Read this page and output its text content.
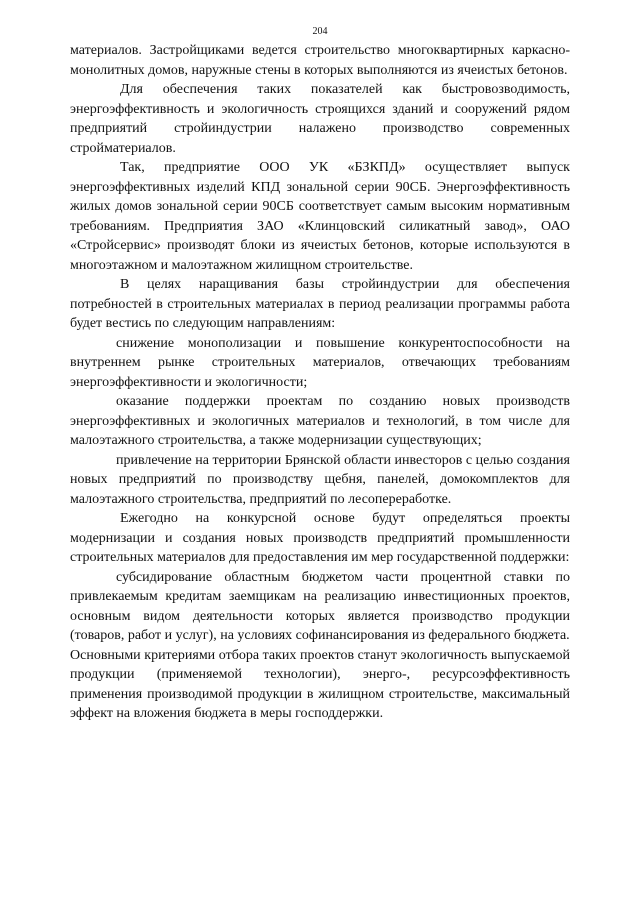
204

материалов. Застройщиками ведется строительство многоквартирных каркасно-монолитных домов, наружные стены в которых выполняются из ячеистых бетонов.

Для обеспечения таких показателей как быстровозводимость, энергоэффективность и экологичность строящихся зданий и сооружений рядом предприятий стройиндустрии налажено производство современных стройматериалов.

Так, предприятие ООО УК «БЗКПД» осуществляет выпуск энергоэффективных изделий КПД зональной серии 90СБ. Энергоэффективность жилых домов зональной серии 90СБ соответствует самым высоким нормативным требованиям. Предприятия ЗАО «Клинцовский силикатный завод», ОАО «Стройсервис» производят блоки из ячеистых бетонов, которые используются в многоэтажном и малоэтажном жилищном строительстве.

В целях наращивания базы стройиндустрии для обеспечения потребностей в строительных материалах в период реализации программы работа будет вестись по следующим направлениям:

снижение монополизации и повышение конкурентоспособности на внутреннем рынке строительных материалов, отвечающих требованиям энергоэффективности и экологичности;

оказание поддержки проектам по созданию новых производств энергоэффективных и экологичных материалов и технологий, в том числе для малоэтажного строительства, а также модернизации существующих;

привлечение на территории Брянской области инвесторов с целью создания новых предприятий по производству щебня, панелей, домокомплектов для малоэтажного строительства, предприятий по лесопереработке.

Ежегодно на конкурсной основе будут определяться проекты модернизации и создания новых производств предприятий промышленности строительных материалов для предоставления им мер государственной поддержки:

субсидирование областным бюджетом части процентной ставки по привлекаемым кредитам заемщикам на реализацию инвестиционных проектов, основным видом деятельности которых является производство продукции (товаров, работ и услуг), на условиях софинансирования из федерального бюджета.

Основными критериями отбора таких проектов станут экологичность выпускаемой продукции (применяемой технологии), энерго-, ресурсоэффективность применения производимой продукции в жилищном строительстве, максимальный эффект на вложения бюджета в меры господдержки.
